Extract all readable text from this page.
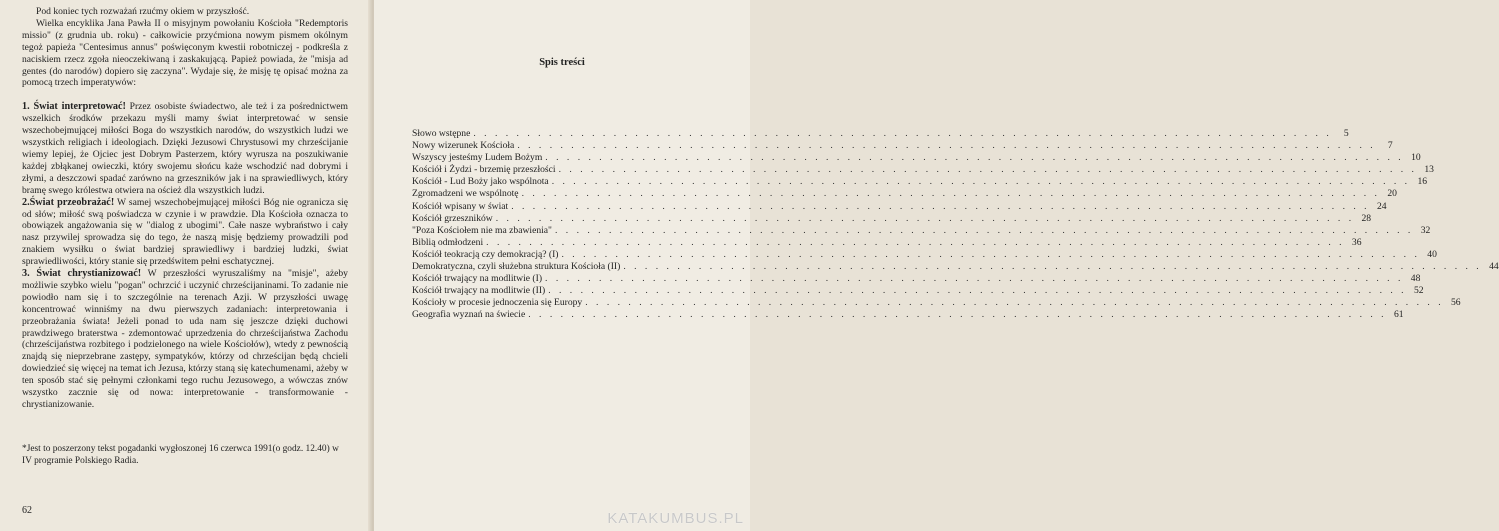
Pod koniec tych rozważań rzućmy okiem w przyszłość.

Wielka encyklika Jana Pawła II o misyjnym powołaniu Kościoła "Redemptoris missio" (z grudnia ub. roku) - całkowicie przyćmiona nowym pismem okólnym tegoż papieża "Centesimus annus" poświęconym kwestii robotniczej - podkreśla z naciskiem rzecz zgoła nieoczekiwaną i zaskakującą. Papież powiada, że "misja ad gentes (do narodów) dopiero się zaczyna". Wydaje się, że misję tę opisać można za pomocą trzech imperatywów:

1. Świat interpretować! Przez osobiste świadectwo, ale też i za pośrednictwem wszelkich środków przekazu myśli mamy świat interpretować w sensie wszechobejmującej miłości Boga do wszystkich narodów, do wszystkich ludzi we wszystkich religiach i ideologiach. Dzięki Jezusowi Chrystusowi my chrześcijanie wiemy lepiej, że Ojciec jest Dobrym Pasterzem, który wyrusza na poszukiwanie każdej zbłąkanej owieczki, który swojemu słońcu każe wschodzić nad dobrymi i złymi, a deszczowi spadać zarówno na grzeszników jak i na sprawiedliwych, który bramę swego królestwa otwiera na oścież dla wszystkich ludzi.

2.Świat przeobrażać! W samej wszechobejmującej miłości Bóg nie ogranicza się od słów; miłość swą poświadcza w czynie i w prawdzie. Dla Kościoła oznacza to obowiązek angażowania się w "dialog z ubogimi". Całe nasze wybraństwo i cały nasz przywilej sprowadza się do tego, że naszą misję będziemy prowadzili pod znakiem wysiłku o świat bardziej sprawiedliwy i bardziej ludzki, świat sprawiedliwości, który stanie się przedświtem pełni eschatycznej.

3. Świat chrystianizować! W przeszłości wyruszaliśmy na "misje", ażeby możliwie szybko wielu "pogan" ochrzcić i uczynić chrześcijaninami. To zadanie nie powiodło nam się i to szczególnie na terenach Azji. W przyszłości uwagę koncentrować winniśmy na dwu pierwszych zadaniach: interpretowania i przeobrażania świata! Jeżeli ponad to uda nam się jeszcze dzięki duchowi prawdziwego braterstwa - zdemontować uprzedzenia do chrześcijaństwa Zachodu (chrześcijaństwa rozbitego i podzielonego na wiele Kościołów), wtedy z pewnością znajdą się nieprzebrane zastępy, sympatyków, którzy od chrześcijan będą chcieli dowiedzieć się więcej na temat ich Jezusa, którzy staną się katechumenami, ażeby w ten sposób stać się pełnymi członkami tego ruchu Jezusowego, a wówczas znów wszystko zacznie się od nowa: interpretowanie - transformowanie - chrystianizowanie.

*Jest to poszerzony tekst pogadanki wygłoszonej 16 czerwca 1991(o godz. 12.40) w IV programie Polskiego Radia.
62
Spis treści
Słowo wstępne . . . . . . . . . . . . . . . . . . . . . . . . . . . . . . . . . . . . . . . . . . . . . . . . . . . . . . . . . . . . . . . . . . . . . . . . . . . . . . . .	5
Nowy wizerunek Kościoła . . . . . . . . . . . . . . . . . . . . . . . . . . . . . . . . . . . . . . . . . . . . . . . . . . . . . . . . . . . . . . . . . . . . . . . . . . . . . . . .	7
Wszyscy jesteśmy Ludem Bożym . . . . . . . . . . . . . . . . . . . . . . . . . . . . . . . . . . . . . . . . . . . . . . . . . . . . . . . . . . . . . . . . . . . . . . . . . . . . . . . . 10
Kościół i Żydzi - brzemię przeszłości . . . . . . . . . . . . . . . . . . . . . . . . . . . . . . . . . . . . . . . . . . . . . . . . . . . . . . . . . . . . . . . . . . . . . . . . . . . . . . . . 13
Kościół - Lud Boży jako wspólnota . . . . . . . . . . . . . . . . . . . . . . . . . . . . . . . . . . . . . . . . . . . . . . . . . . . . . . . . . . . . . . . . . . . . . . . . . . . . . . . . 16
Zgromadzeni we wspólnotę . . . . . . . . . . . . . . . . . . . . . . . . . . . . . . . . . . . . . . . . . . . . . . . . . . . . . . . . . . . . . . . . . . . . . . . . . . . . . . . . 20
Kościół wpisany w świat . . . . . . . . . . . . . . . . . . . . . . . . . . . . . . . . . . . . . . . . . . . . . . . . . . . . . . . . . . . . . . . . . . . . . . . . . . . . . . . . 24
Kościół grzeszników . . . . . . . . . . . . . . . . . . . . . . . . . . . . . . . . . . . . . . . . . . . . . . . . . . . . . . . . . . . . . . . . . . . . . . . . . . . . . . . . 28
"Poza Kościołem nie ma zbawienia" . . . . . . . . . . . . . . . . . . . . . . . . . . . . . . . . . . . . . . . . . . . . . . . . . . . . . . . . . . . . . . . . . . . . . . . . . . . . . . . . 32
Biblią odmłodzeni . . . . . . . . . . . . . . . . . . . . . . . . . . . . . . . . . . . . . . . . . . . . . . . . . . . . . . . . . . . . . . . . . . . . . . . . . . . . . . . . 36
Kościół teokracją czy demokracją? (I) . . . . . . . . . . . . . . . . . . . . . . . . . . . . . . . . . . . . . . . . . . . . . . . . . . . . . . . . . . . . . . . . . . . . . . . . . . . . . . . . 40
Demokratyczna, czyli służebna struktura Kościoła (II) . . . . . . . . . . . . . . . . . . . . . . . . . . . . . . . . . . . . . . . . . . . . . . . . . . . . . . . . . . . . . . . . . . . . . . . . . . . . . . . . 44
Kościół trwający na modlitwie (I) . . . . . . . . . . . . . . . . . . . . . . . . . . . . . . . . . . . . . . . . . . . . . . . . . . . . . . . . . . . . . . . . . . . . . . . . . . . . . . . . 48
Kościół trwający na modlitwie (II) . . . . . . . . . . . . . . . . . . . . . . . . . . . . . . . . . . . . . . . . . . . . . . . . . . . . . . . . . . . . . . . . . . . . . . . . . . . . . . . . 52
Kościoły w procesie jednoczenia się Europy . . . . . . . . . . . . . . . . . . . . . . . . . . . . . . . . . . . . . . . . . . . . . . . . . . . . . . . . . . . . . . . . . . . . . . . . . . . . . . . . 56
Geografia wyznań na świecie . . . . . . . . . . . . . . . . . . . . . . . . . . . . . . . . . . . . . . . . . . . . . . . . . . . . . . . . . . . . . . . . . . . . . . . . . . . . . . . . 61
KATAKUMBUS.PL
